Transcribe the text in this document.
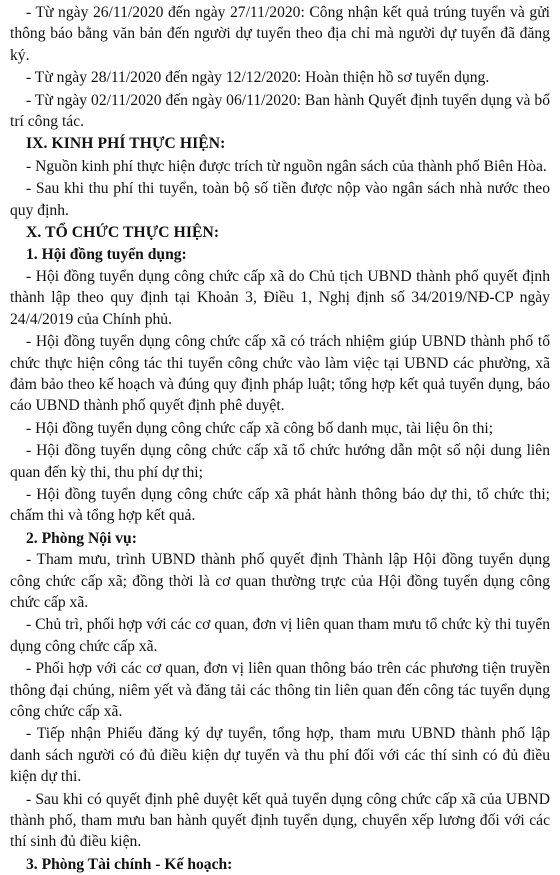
- Từ ngày 26/11/2020 đến ngày 27/11/2020: Công nhận kết quả trúng tuyển và gửi thông báo bằng văn bản đến người dự tuyển theo địa chỉ mà người dự tuyển đã đăng ký.

- Từ ngày 28/11/2020 đến ngày 12/12/2020: Hoàn thiện hồ sơ tuyển dụng.

- Từ ngày 02/11/2020 đến ngày 06/11/2020: Ban hành Quyết định tuyển dụng và bố trí công tác.

IX. KINH PHÍ THỰC HIỆN:

- Nguồn kinh phí thực hiện được trích từ nguồn ngân sách của thành phố Biên Hòa.

- Sau khi thu phí thi tuyển, toàn bộ số tiền được nộp vào ngân sách nhà nước theo quy định.

X. TỔ CHỨC THỰC HIỆN:

1. Hội đồng tuyển dụng:

- Hội đồng tuyển dụng công chức cấp xã do Chủ tịch UBND thành phố quyết định thành lập theo quy định tại Khoản 3, Điều 1, Nghị định số 34/2019/NĐ-CP ngày 24/4/2019 của Chính phủ.

- Hội đồng tuyển dụng công chức cấp xã có trách nhiệm giúp UBND thành phố tổ chức thực hiện công tác thi tuyển công chức vào làm việc tại UBND các phường, xã đảm bảo theo kế hoạch và đúng quy định pháp luật; tổng hợp kết quả tuyển dụng, báo cáo UBND thành phố quyết định phê duyệt.

- Hội đồng tuyển dụng công chức cấp xã công bố danh mục, tài liệu ôn thi;

- Hội đồng tuyển dụng công chức cấp xã tổ chức hướng dẫn một số nội dung liên quan đến kỳ thi, thu phí dự thi;

- Hội đồng tuyển dụng công chức cấp xã phát hành thông báo dự thi, tổ chức thi; chấm thi và tổng hợp kết quả.

2. Phòng Nội vụ:

- Tham mưu, trình UBND thành phố quyết định Thành lập Hội đồng tuyển dụng công chức cấp xã; đồng thời là cơ quan thường trực của Hội đồng tuyển dụng công chức cấp xã.

- Chủ trì, phối hợp với các cơ quan, đơn vị liên quan tham mưu tổ chức kỳ thi tuyển dụng công chức cấp xã.

- Phối hợp với các cơ quan, đơn vị liên quan thông báo trên các phương tiện truyền thông đại chúng, niêm yết và đăng tải các thông tin liên quan đến công tác tuyển dụng công chức cấp xã.

- Tiếp nhận Phiếu đăng ký dự tuyển, tổng hợp, tham mưu UBND thành phố lập danh sách người có đủ điều kiện dự tuyển và thu phí đối với các thí sinh có đủ điều kiện dự thi.

- Sau khi có quyết định phê duyệt kết quả tuyển dụng công chức cấp xã của UBND thành phố, tham mưu ban hành quyết định tuyển dụng, chuyển xếp lương đối với các thí sinh đủ điều kiện.

3. Phòng Tài chính - Kế hoạch:
